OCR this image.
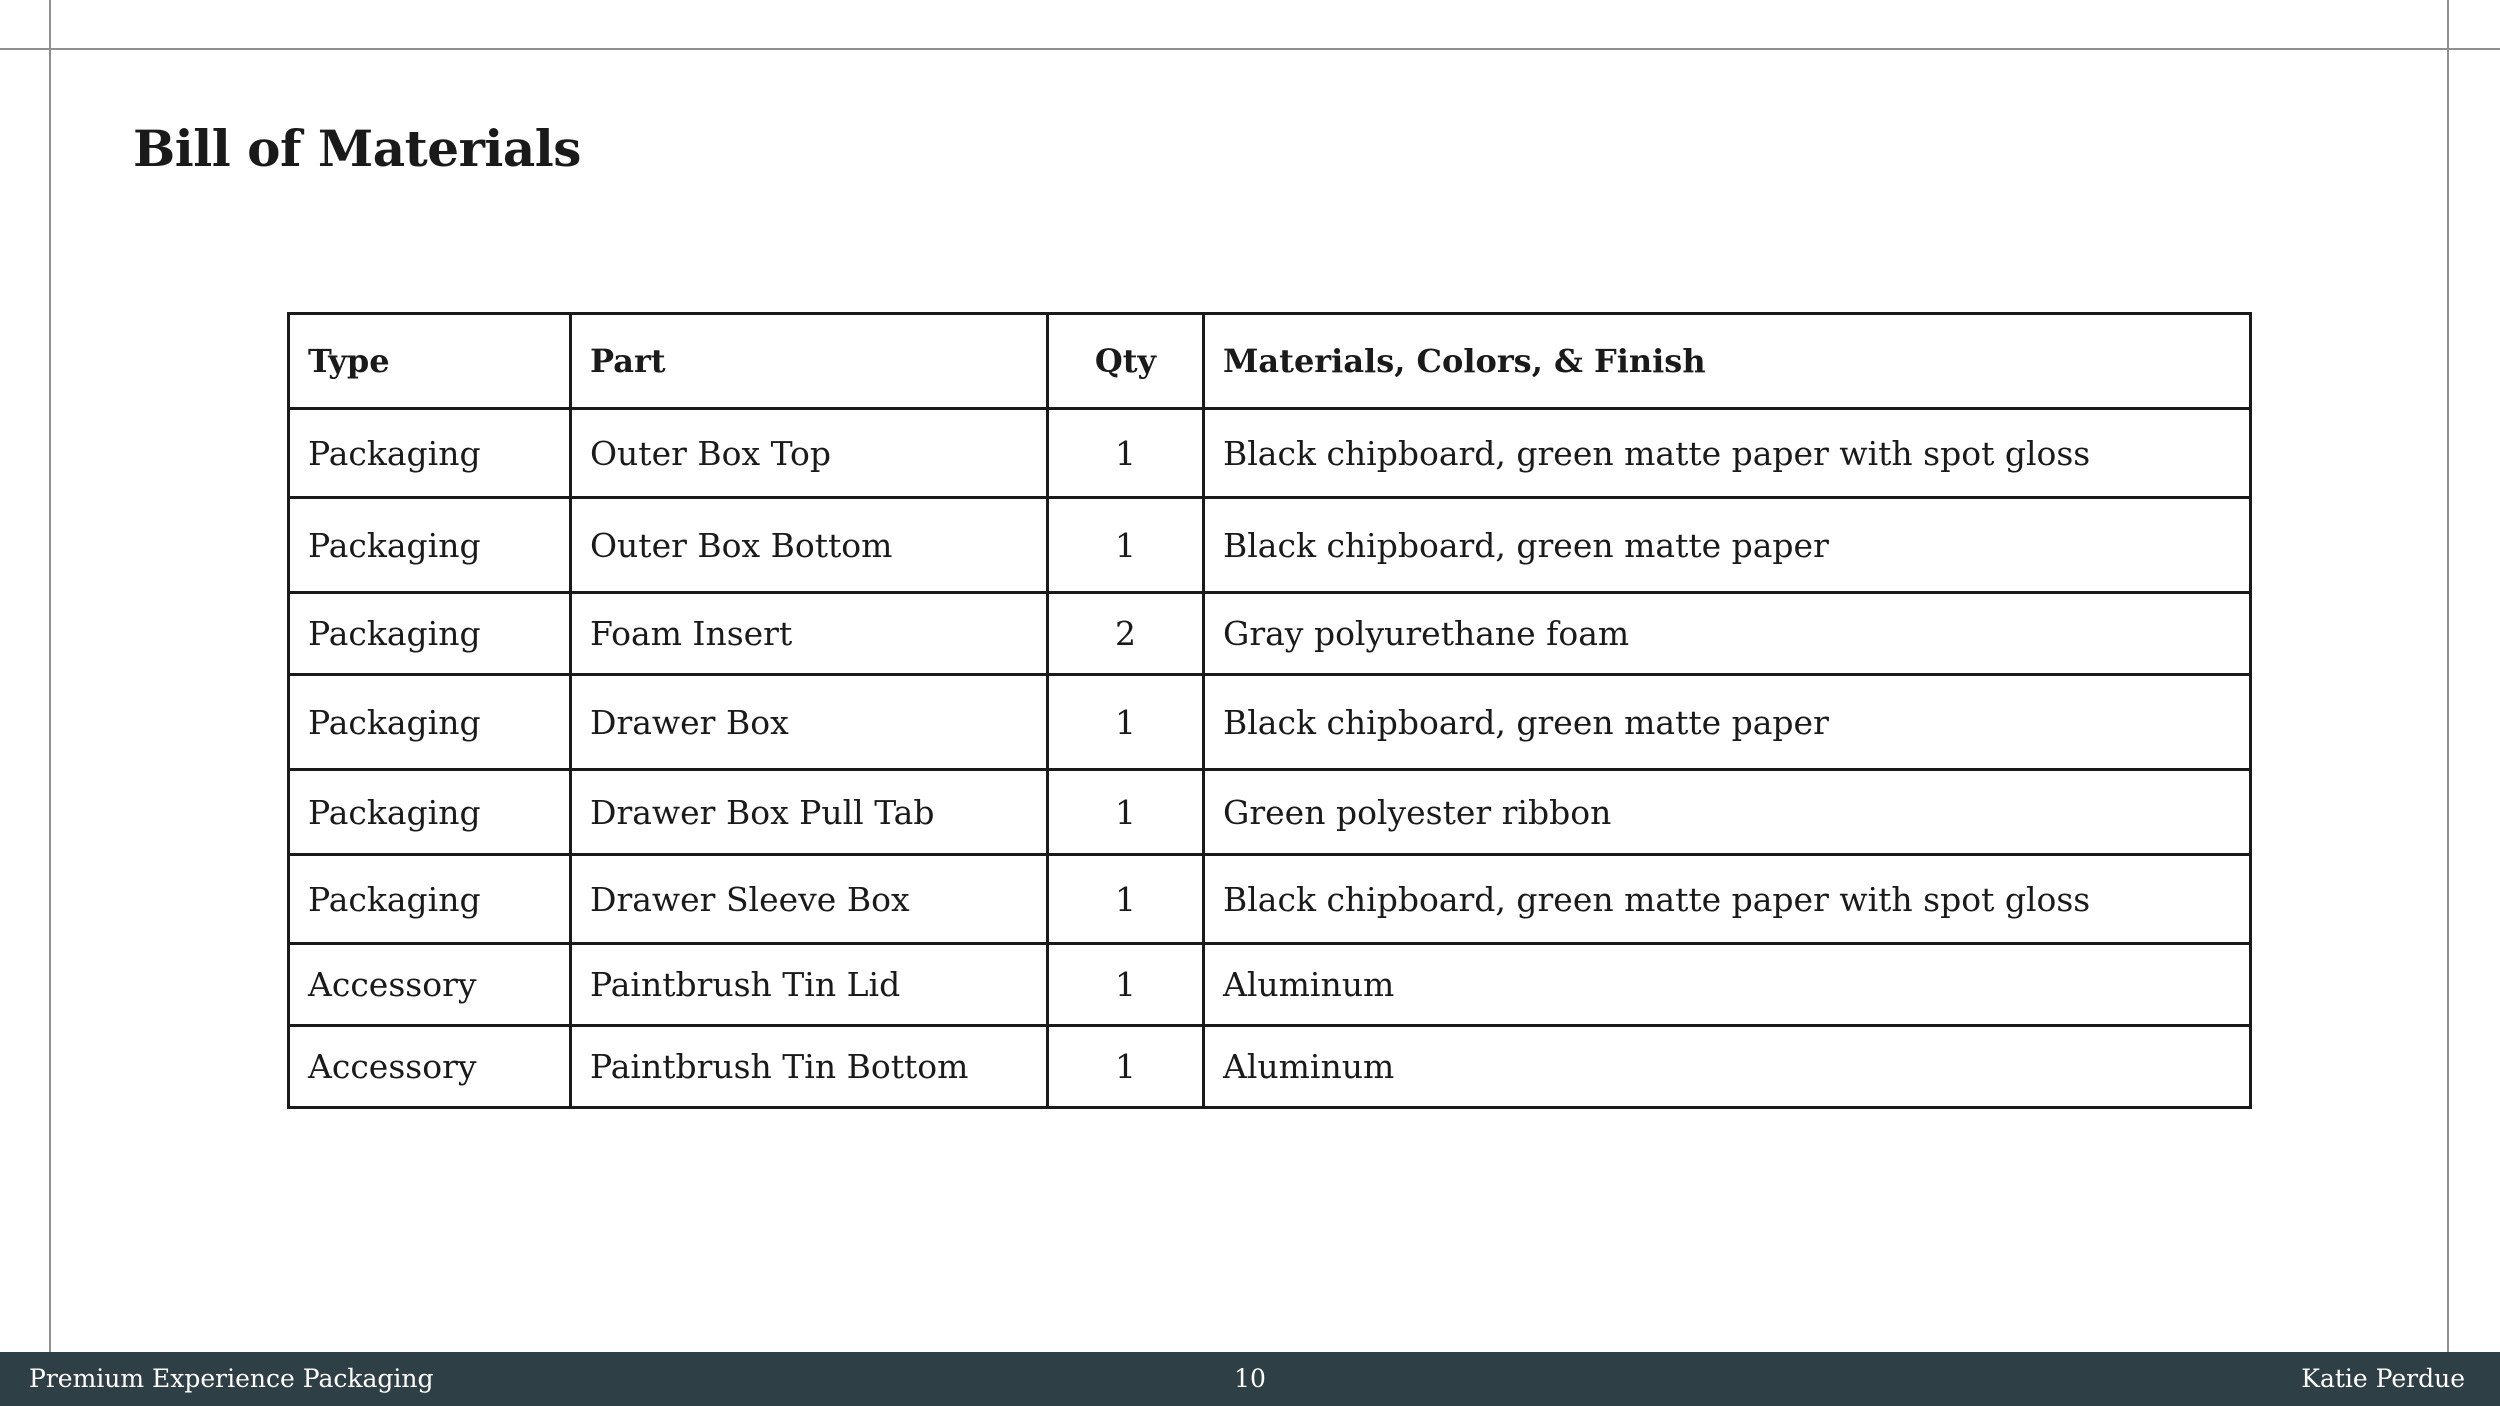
Bill of Materials
Type	Part	Qty	Materials, Colors, & Finish
Packaging	Outer Box Top	1	Black chipboard, green matte paper with spot gloss
Packaging	Outer Box Bottom	1	Black chipboard, green matte paper
Packaging	Foam Insert	2	Gray polyurethane foam
Packaging	Drawer Box	1	Black chipboard, green matte paper
Packaging	Drawer Box Pull Tab	1	Green polyester ribbon
Packaging	Drawer Sleeve Box	1	Black chipboard, green matte paper with spot gloss
Accessory	Paintbrush Tin Lid	1	Aluminum
Accessory	Paintbrush Tin Bottom	1	Aluminum
Premium Experience Packaging	10	Katie Perdue
